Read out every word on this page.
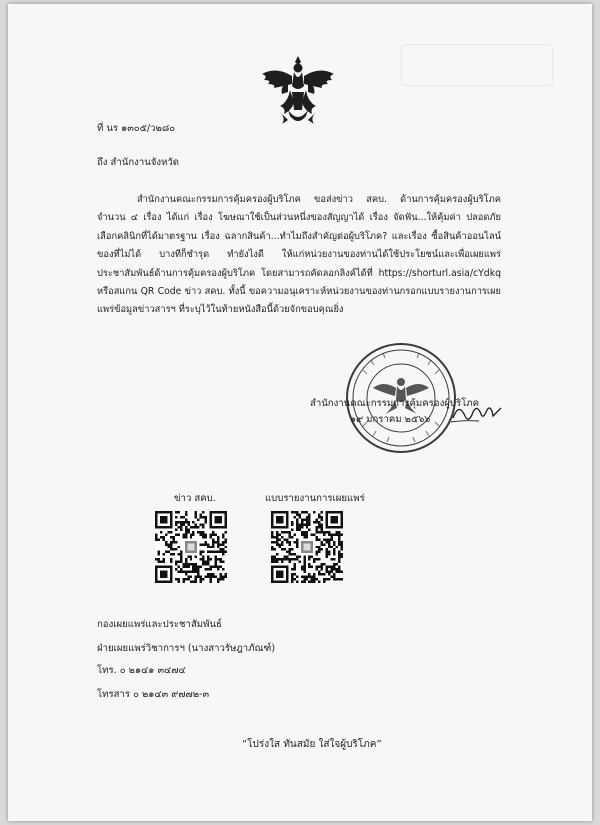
ที่ นร ๑๓๐๕/ว๒๘๐
ถึง สำนักงานจังหวัด
สำนักงานคณะกรรมการคุ้มครองผู้บริโภค ขอส่งข่าว สคบ. ด้านการคุ้มครองผู้บริโภค จำนวน ๔ เรื่อง ได้แก่ เรื่อง โฆษณาใช้เป็นส่วนหนึ่งของสัญญาได้ เรื่อง จัดฟัน...ให้คุ้มค่า ปลอดภัย เลือกคลินิกที่ได้มาตรฐาน เรื่อง ฉลากสินค้า...ทำไมถึงสำคัญต่อผู้บริโภค? และเรื่อง ซื้อสินค้าออนไลน์ของที่ไม่ได้ บางทีก็ชำรุด ทำยังไงดี ให้แก่หน่วยงานของท่านได้ใช้ประโยชน์และเพื่อเผยแพร่ประชาสัมพันธ์ด้านการคุ้มครองผู้บริโภค โดยสามารถคัดลอกลิงค์ได้ที่ https://shorturl.asia/cYdkq หรือสแกน QR Code ข่าว สคบ. ทั้งนี้ ขอความอนุเคราะห์หน่วยงานของท่านกรอกแบบรายงานการเผยแพร่ข้อมูลข่าวสารฯ ที่ระบุไว้ในท้ายหนังสือนี้ด้วยจักขอบคุณยิ่ง
สำนักงานคณะกรรมการคุ้มครองผู้บริโภค
๑๙ มกราคม ๒๕๖๖
ข่าว สคบ.	แบบรายงานการเผยแพร่
กองเผยแพร่และประชาสัมพันธ์
ฝ่ายเผยแพร่วิชาการฯ (นางสาวรัษฎาภัณฑ์)
โทร. ๐ ๒๑๔๑ ๓๔๗๔
โทรสาร ๐ ๒๑๔๓ ๙๗๗๒-๓
“โปร่งใส ทันสมัย ใส่ใจผู้บริโภค”
